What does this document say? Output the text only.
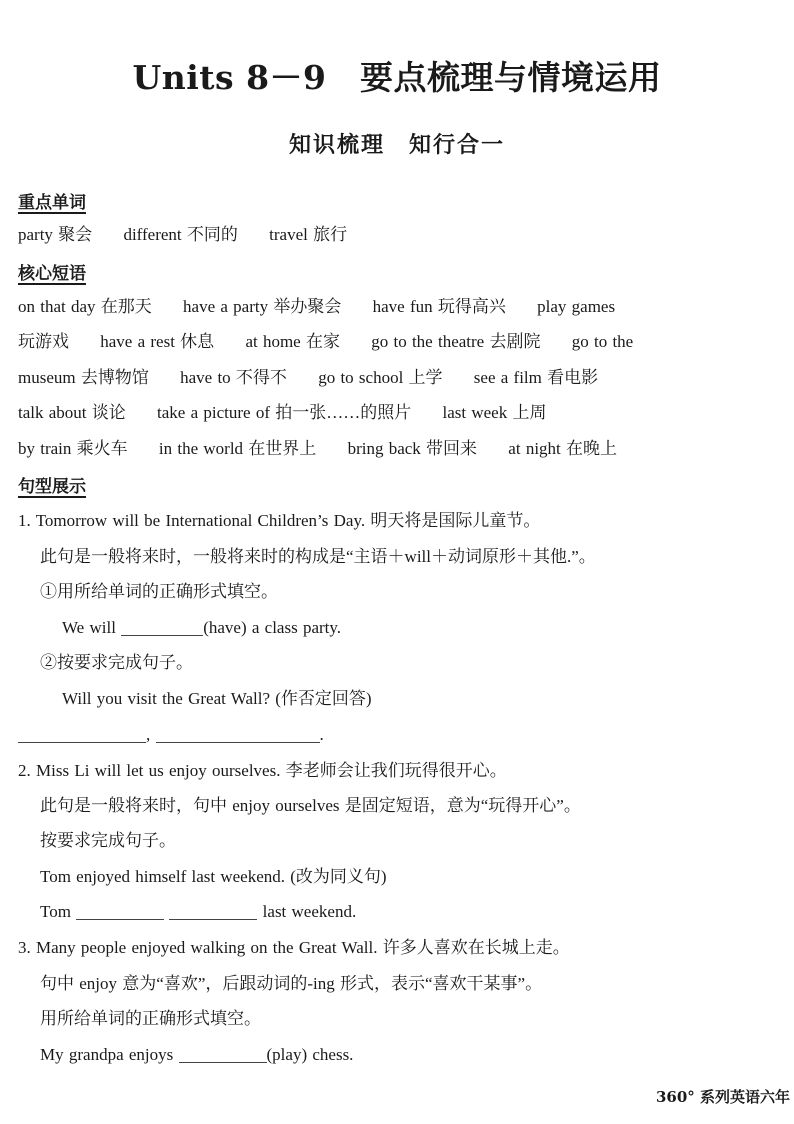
Units 8－9　要点梳理与情境运用
知识梳理　知行合一
重点单词
party 聚会 different 不同的 travel 旅行
核心短语
on that day 在那天 have a party 举办聚会 have fun 玩得高兴 play games
玩游戏 have a rest 休息 at home 在家 go to the theatre 去剧院 go to the
museum 去博物馆 have to 不得不 go to school 上学 see a film 看电影
talk about 谈论 take a picture of 拍一张……的照片 last week 上周
by train 乘火车 in the world 在世界上 bring back 带回来 at night 在晚上
句型展示
1. Tomorrow will be International Children’s Day. 明天将是国际儿童节。
此句是一般将来时，一般将来时的构成是“主语＋will＋动词原形＋其他.”。
①用所给单词的正确形式填空。
We will	(have) a class party.
②按要求完成句子。
Will you visit the Great Wall? (作否定回答)
,	.
2. Miss Li will let us enjoy ourselves. 李老师会让我们玩得很开心。
此句是一般将来时，句中 enjoy ourselves 是固定短语，意为“玩得开心”。
按要求完成句子。
Tom enjoyed himself last weekend. (改为同义句)
Tom	last weekend.
3. Many people enjoyed walking on the Great Wall. 许多人喜欢在长城上走。
句中 enjoy 意为“喜欢”，后跟动词的-ing 形式，表示“喜欢干某事”。
用所给单词的正确形式填空。
My grandpa enjoys	(play) chess.
360° 系列英语六年
